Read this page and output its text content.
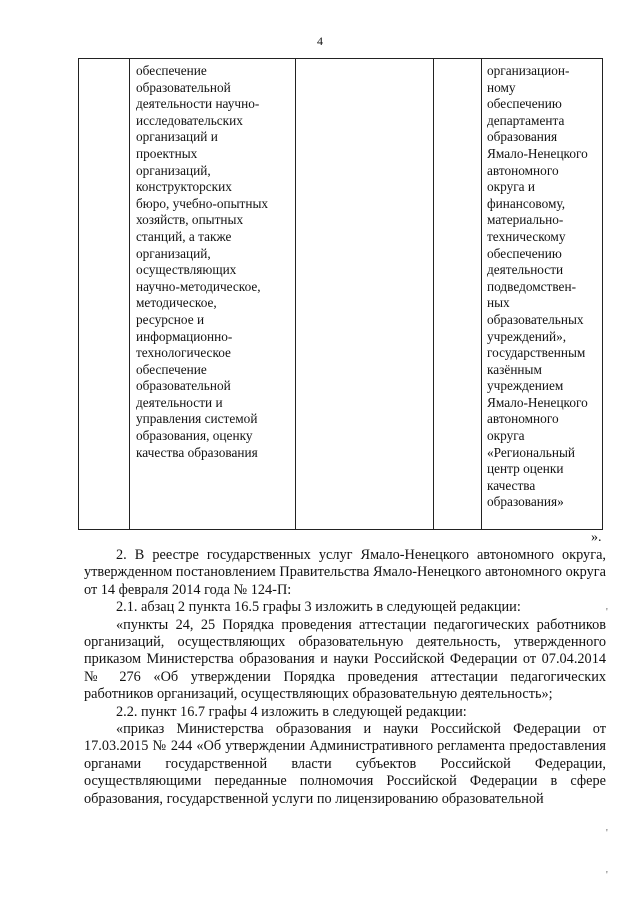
4
обеспечение
образовательной
деятельности научно-
исследовательских
организаций и
проектных
организаций,
конструкторских
бюро, учебно-опытных
хозяйств, опытных
станций, а также
организаций,
осуществляющих
научно-методическое,
методическое,
ресурсное и
информационно-
технологическое
обеспечение
образовательной
деятельности и
управления системой
образования, оценку
качества образования
организацион-
ному
обеспечению
департамента
образования
Ямало-Ненецкого
автономного
округа и
финансовому,
материально-
техническому
обеспечению
деятельности
подведомствен-
ных
образовательных
учреждений»,
государственным
казённым
учреждением
Ямало-Ненецкого
автономного
округа
«Региональный
центр оценки
качества
образования»
».

2. В реестре государственных услуг Ямало-Ненецкого автономного округа, утвержденном постановлением Правительства Ямало-Ненецкого автономного округа от 14 февраля 2014 года № 124-П:

2.1. абзац 2 пункта 16.5 графы 3 изложить в следующей редакции:

«пункты 24, 25 Порядка проведения аттестации педагогических работников организаций, осуществляющих образовательную деятельность, утвержденного приказом Министерства образования и науки Российской Федерации от 07.04.2014 № 276 «Об утверждении Порядка проведения аттестации педагогических работников организаций, осуществляющих образовательную деятельность»;

2.2. пункт 16.7 графы 4 изложить в следующей редакции:

«приказ Министерства образования и науки Российской Федерации от 17.03.2015 № 244 «Об утверждении Административного регламента предоставления органами государственной власти субъектов Российской Федерации, осуществляющими переданные полномочия Российской Федерации в сфере образования, государственной услуги по лицензированию образовательной

'
'
'
